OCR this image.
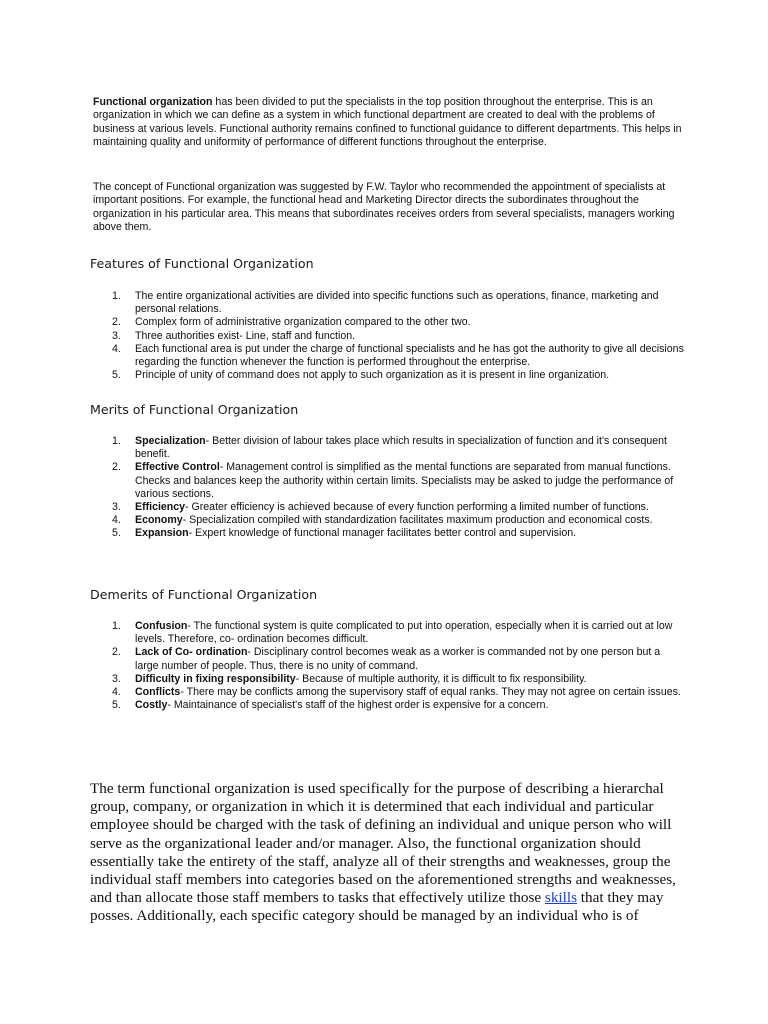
Functional organization has been divided to put the specialists in the top position throughout the enterprise. This is an organization in which we can define as a system in which functional department are created to deal with the problems of business at various levels. Functional authority remains confined to functional guidance to different departments. This helps in maintaining quality and uniformity of performance of different functions throughout the enterprise.

The concept of Functional organization was suggested by F.W. Taylor who recommended the appointment of specialists at important positions. For example, the functional head and Marketing Director directs the subordinates throughout the organization in his particular area. This means that subordinates receives orders from several specialists, managers working above them.

Features of Functional Organization
1. The entire organizational activities are divided into specific functions such as operations, finance, marketing and personal relations.
2. Complex form of administrative organization compared to the other two.
3. Three authorities exist- Line, staff and function.
4. Each functional area is put under the charge of functional specialists and he has got the authority to give all decisions regarding the function whenever the function is performed throughout the enterprise.
5. Principle of unity of command does not apply to such organization as it is present in line organization.
Merits of Functional Organization
1. Specialization- Better division of labour takes place which results in specialization of function and it's consequent benefit.
2. Effective Control- Management control is simplified as the mental functions are separated from manual functions. Checks and balances keep the authority within certain limits. Specialists may be asked to judge the performance of various sections.
3. Efficiency- Greater efficiency is achieved because of every function performing a limited number of functions.
4. Economy- Specialization compiled with standardization facilitates maximum production and economical costs.
5. Expansion- Expert knowledge of functional manager facilitates better control and supervision.
Demerits of Functional Organization
1. Confusion- The functional system is quite complicated to put into operation, especially when it is carried out at low levels. Therefore, co- ordination becomes difficult.
2. Lack of Co- ordination- Disciplinary control becomes weak as a worker is commanded not by one person but a large number of people. Thus, there is no unity of command.
3. Difficulty in fixing responsibility- Because of multiple authority, it is difficult to fix responsibility.
4. Conflicts- There may be conflicts among the supervisory staff of equal ranks. They may not agree on certain issues.
5. Costly- Maintainance of specialist's staff of the highest order is expensive for a concern.

The term functional organization is used specifically for the purpose of describing a hierarchal group, company, or organization in which it is determined that each individual and particular employee should be charged with the task of defining an individual and unique person who will serve as the organizational leader and/or manager. Also, the functional organization should essentially take the entirety of the staff, analyze all of their strengths and weaknesses, group the individual staff members into categories based on the aforementioned strengths and weaknesses, and than allocate those staff members to tasks that effectively utilize those skills that they may posses. Additionally, each specific category should be managed by an individual who is of
